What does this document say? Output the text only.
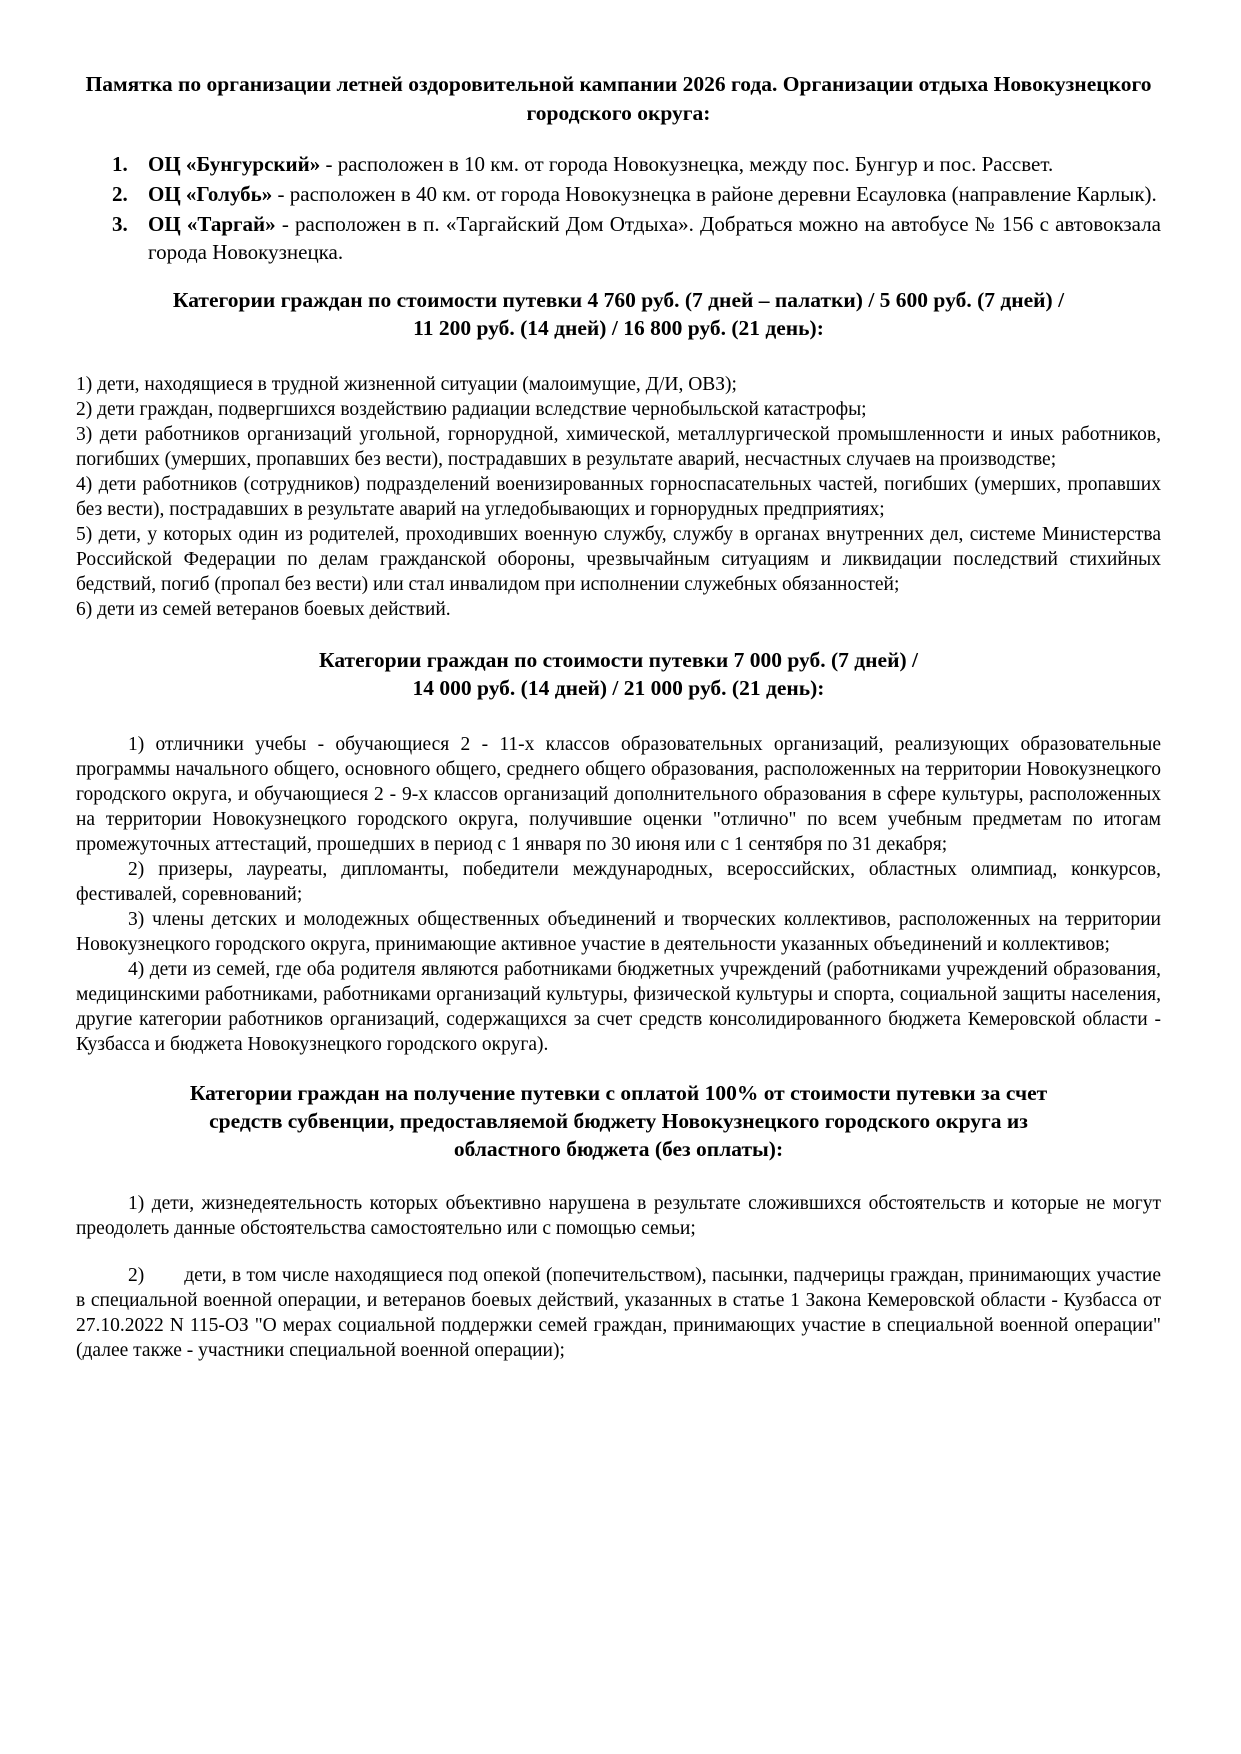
Памятка по организации летней оздоровительной кампании 2026 года. Организации отдыха Новокузнецкого городского округа:

1. ОЦ «Бунгурский» - расположен в 10 км. от города Новокузнецка, между пос. Бунгур и пос. Рассвет.
2. ОЦ «Голубь» - расположен в 40 км. от города Новокузнецка в районе деревни Есауловка (направление Карлык).
3. ОЦ «Таргай» - расположен в п. «Таргайский Дом Отдыха». Добраться можно на автобусе № 156 с автовокзала города Новокузнецка.

Категории граждан по стоимости путевки 4 760 руб. (7 дней – палатки) / 5 600 руб. (7 дней) /
11 200 руб. (14 дней) / 16 800 руб. (21 день):

1) дети, находящиеся в трудной жизненной ситуации (малоимущие, Д/И, ОВЗ);
2) дети граждан, подвергшихся воздействию радиации вследствие чернобыльской катастрофы;
3) дети работников организаций угольной, горнорудной, химической, металлургической промышленности и иных работников, погибших (умерших, пропавших без вести), пострадавших в результате аварий, несчастных случаев на производстве;
4) дети работников (сотрудников) подразделений военизированных горноспасательных частей, погибших (умерших, пропавших без вести), пострадавших в результате аварий на угледобывающих и горнорудных предприятиях;
5) дети, у которых один из родителей, проходивших военную службу, службу в органах внутренних дел, системе Министерства Российской Федерации по делам гражданской обороны, чрезвычайным ситуациям и ликвидации последствий стихийных бедствий, погиб (пропал без вести) или стал инвалидом при исполнении служебных обязанностей;
6) дети из семей ветеранов боевых действий.

Категории граждан по стоимости путевки 7 000 руб. (7 дней) /
14 000 руб. (14 дней) / 21 000 руб. (21 день):

1) отличники учебы - обучающиеся 2 - 11-х классов образовательных организаций, реализующих образовательные программы начального общего, основного общего, среднего общего образования, расположенных на территории Новокузнецкого городского округа, и обучающиеся 2 - 9-х классов организаций дополнительного образования в сфере культуры, расположенных на территории Новокузнецкого городского округа, получившие оценки "отлично" по всем учебным предметам по итогам промежуточных аттестаций, прошедших в период с 1 января по 30 июня или с 1 сентября по 31 декабря;
2) призеры, лауреаты, дипломанты, победители международных, всероссийских, областных олимпиад, конкурсов, фестивалей, соревнований;
3) члены детских и молодежных общественных объединений и творческих коллективов, расположенных на территории Новокузнецкого городского округа, принимающие активное участие в деятельности указанных объединений и коллективов;
4) дети из семей, где оба родителя являются работниками бюджетных учреждений (работниками учреждений образования, медицинскими работниками, работниками организаций культуры, физической культуры и спорта, социальной защиты населения, другие категории работников организаций, содержащихся за счет средств консолидированного бюджета Кемеровской области - Кузбасса и бюджета Новокузнецкого городского округа).

Категории граждан на получение путевки с оплатой 100% от стоимости путевки за счет
средств субвенции, предоставляемой бюджету Новокузнецкого городского округа из
областного бюджета (без оплаты):

1) дети, жизнедеятельность которых объективно нарушена в результате сложившихся обстоятельств и которые не могут преодолеть данные обстоятельства самостоятельно или с помощью семьи;
2) дети, в том числе находящиеся под опекой (попечительством), пасынки, падчерицы граждан, принимающих участие в специальной военной операции, и ветеранов боевых действий, указанных в статье 1 Закона Кемеровской области - Кузбасса от 27.10.2022 N 115-ОЗ "О мерах социальной поддержки семей граждан, принимающих участие в специальной военной операции" (далее также - участники специальной военной операции);
